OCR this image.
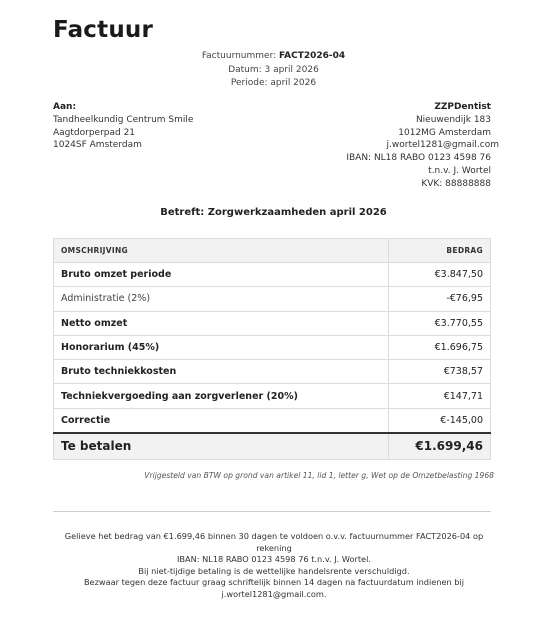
Factuur
Factuurnummer: FACT2026-04
Datum: 3 april 2026
Periode: april 2026
Aan:
Tandheelkundig Centrum Smile
Aagtdorperpad 21
1024SF Amsterdam
ZZPDentist
Nieuwendijk 183
1012MG Amsterdam
j.wortel1281@gmail.com
IBAN: NL18 RABO 0123 4598 76
t.n.v. J. Wortel
KVK: 88888888
Betreft: Zorgwerkzaamheden april 2026
OMSCHRIJVING	BEDRAG
Bruto omzet periode	€3.847,50
Administratie (2%)	-€76,95
Netto omzet	€3.770,55
Honorarium (45%)	€1.696,75
Bruto techniekkosten	€738,57
Techniekvergoeding aan zorgverlener (20%)	€147,71
Correctie	€-145,00
Te betalen	€1.699,46
Vrijgesteld van BTW op grond van artikel 11, lid 1, letter g, Wet op de Omzetbelasting 1968
Gelieve het bedrag van €1.699,46 binnen 30 dagen te voldoen o.v.v. factuurnummer FACT2026-04 op rekening
IBAN: NL18 RABO 0123 4598 76 t.n.v. J. Wortel.
Bij niet-tijdige betaling is de wettelijke handelsrente verschuldigd.
Bezwaar tegen deze factuur graag schriftelijk binnen 14 dagen na factuurdatum indienen bij
j.wortel1281@gmail.com.
